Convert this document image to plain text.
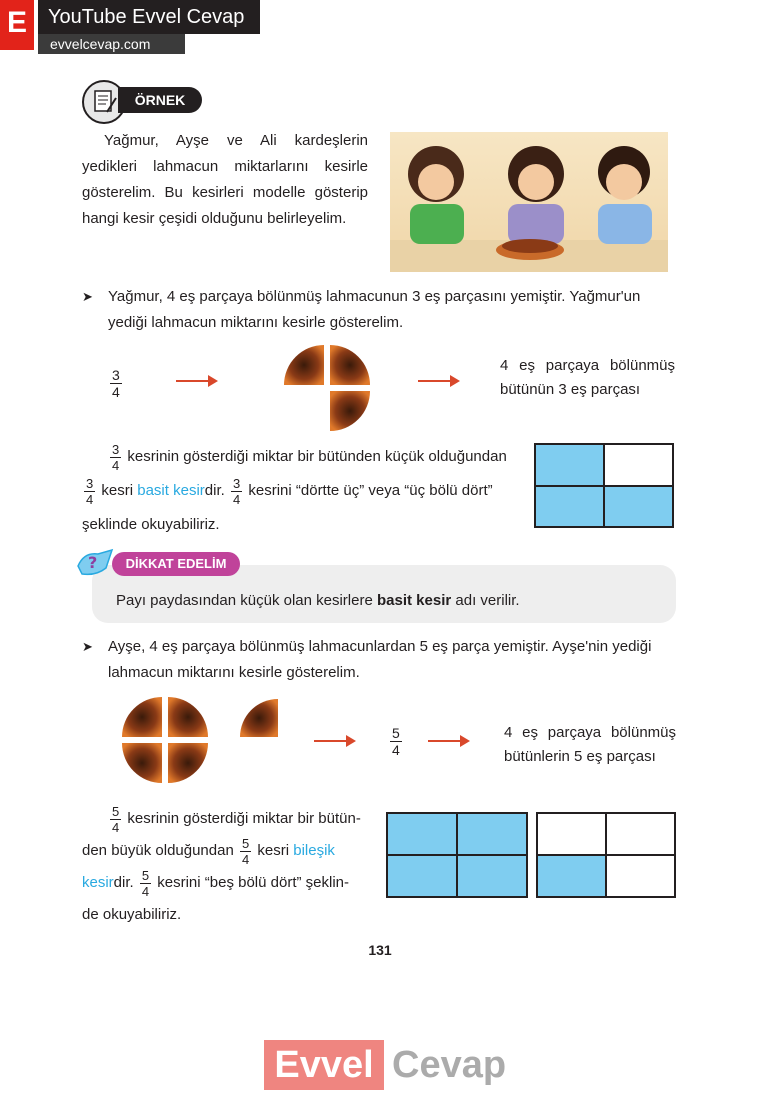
E	YouTube Evvel Cevap
evvelcevap.com
ÖRNEK
Yağmur, Ayşe ve Ali kardeşlerin yedikleri lahmacun miktarlarını kesirle gösterelim. Bu kesirleri modelle gösterip hangi kesir çeşidi olduğunu belirleyelim.
➤ Yağmur, 4 eş parçaya bölünmüş lahmacunun 3 eş parçasını yemiştir. Yağmur'un yediği lahmacun miktarını kesirle gösterelim.
$\frac{3}{4}$
4 eş parçaya bölünmüş bütünün 3 eş parçası
$\frac{3}{4}$ kesrinin gösterdiği miktar bir bütünden küçük olduğundan
$\frac{3}{4}$ kesri basit kesirdir. $\frac{3}{4}$ kesrini “dörtte üç” veya “üç bölü dört”
şeklinde okuyabiliriz.
?	DİKKAT EDELİM
Payı paydasından küçük olan kesirlere basit kesir adı verilir.
➤ Ayşe, 4 eş parçaya bölünmüş lahmacunlardan 5 eş parça yemiştir. Ayşe'nin yediği lahmacun miktarını kesirle gösterelim.
$\frac{5}{4}$	4 eş parçaya bölünmüş bütünlerin 5 eş parçası
$\frac{5}{4}$ kesrinin gösterdiği miktar bir bütün-
den büyük olduğundan $\frac{5}{4}$ kesri bileşik
kesirdir. $\frac{5}{4}$ kesrini “beş bölü dört” şeklin-
de okuyabiliriz.
131
Evvel Cevap
